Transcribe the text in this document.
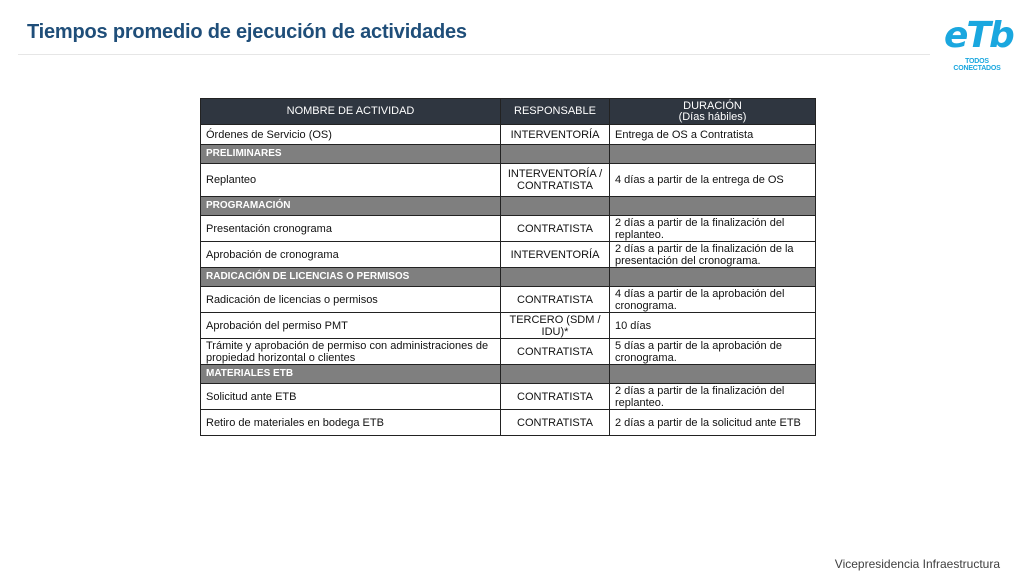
Tiempos promedio de ejecución de actividades	eTb
TODOS CONECTADOS
NOMBRE DE ACTIVIDAD	RESPONSABLE	DURACIÓN
(Días hábiles)
Órdenes de Servicio (OS)	INTERVENTORÍA	Entrega de OS a Contratista
PRELIMINARES		
Replanteo	INTERVENTORÍA / CONTRATISTA	4 días a partir de la entrega de OS
PROGRAMACIÓN		
Presentación cronograma	CONTRATISTA	2 días a partir de la finalización del replanteo.
Aprobación de cronograma	INTERVENTORÍA	2 días a partir de la finalización de la presentación del cronograma.
RADICACIÓN DE LICENCIAS O PERMISOS		
Radicación de licencias o permisos	CONTRATISTA	4 días a partir de la aprobación del cronograma.
Aprobación del permiso PMT	TERCERO (SDM / IDU)*	10 días
Trámite y aprobación de permiso con administraciones de propiedad horizontal o clientes	CONTRATISTA	5 días a partir de la aprobación de cronograma.
MATERIALES ETB		
Solicitud ante ETB	CONTRATISTA	2 días a partir de la finalización del replanteo.
Retiro de materiales en bodega ETB	CONTRATISTA	2 días a partir de la solicitud ante ETB
Vicepresidencia Infraestructura
